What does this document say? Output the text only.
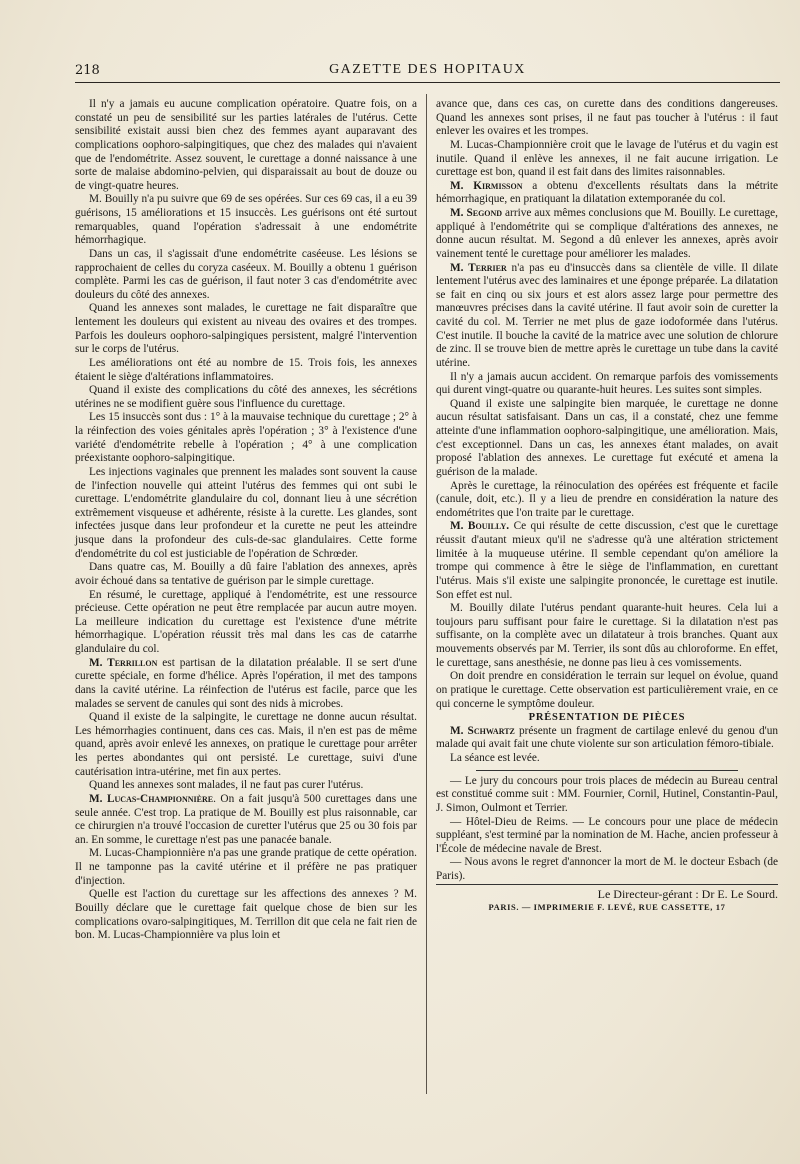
218	GAZETTE DES HOPITAUX

Il n'y a jamais eu aucune complication opératoire. Quatre fois, on a constaté un peu de sensibilité sur les parties latérales de l'utérus. Cette sensibilité existait aussi bien chez des femmes ayant auparavant des complications oophoro-salpingitiques, que chez des malades qui n'avaient que de l'endométrite. Assez souvent, le curettage a donné naissance à une sorte de malaise abdomino-pelvien, qui disparaissait au bout de douze ou de vingt-quatre heures.

M. Bouilly n'a pu suivre que 69 de ses opérées. Sur ces 69 cas, il a eu 39 guérisons, 15 améliorations et 15 insuccès. Les guérisons ont été surtout remarquables, quand l'opération s'adressait à une endométrite hémorrhagique.

Dans un cas, il s'agissait d'une endométrite caséeuse. Les lésions se rapprochaient de celles du coryza caséeux. M. Bouilly a obtenu 1 guérison complète. Parmi les cas de guérison, il faut noter 3 cas d'endométrite avec douleurs du côté des annexes.

Quand les annexes sont malades, le curettage ne fait disparaître que lentement les douleurs qui existent au niveau des ovaires et des trompes. Parfois les douleurs oophoro-salpingiques persistent, malgré l'intervention sur le corps de l'utérus.

Les améliorations ont été au nombre de 15. Trois fois, les annexes étaient le siège d'altérations inflammatoires.

Quand il existe des complications du côté des annexes, les sécrétions utérines ne se modifient guère sous l'influence du curettage.

Les 15 insuccès sont dus : 1° à la mauvaise technique du curettage ; 2° à la réinfection des voies génitales après l'opération ; 3° à l'existence d'une variété d'endométrite rebelle à l'opération ; 4° à une complication préexistante oophoro-salpingitique.

Les injections vaginales que prennent les malades sont souvent la cause de l'infection nouvelle qui atteint l'utérus des femmes qui ont subi le curettage. L'endométrite glandulaire du col, donnant lieu à une sécrétion extrêmement visqueuse et adhérente, résiste à la curette. Les glandes, sont infectées jusque dans leur profondeur et la curette ne peut les atteindre jusque dans la profondeur des culs-de-sac glandulaires. Cette forme d'endométrite du col est justiciable de l'opération de Schrœder.

Dans quatre cas, M. Bouilly a dû faire l'ablation des annexes, après avoir échoué dans sa tentative de guérison par le simple curettage.

En résumé, le curettage, appliqué à l'endométrite, est une ressource précieuse. Cette opération ne peut être remplacée par aucun autre moyen. La meilleure indication du curettage est l'existence d'une métrite hémorrhagique. L'opération réussit très mal dans les cas de catarrhe glandulaire du col.

M. Terrillon est partisan de la dilatation préalable. Il se sert d'une curette spéciale, en forme d'hélice. Après l'opération, il met des tampons dans la cavité utérine. La réinfection de l'utérus est facile, parce que les malades se servent de canules qui sont des nids à microbes.

Quand il existe de la salpingite, le curettage ne donne aucun résultat. Les hémorrhagies continuent, dans ces cas. Mais, il n'en est pas de même quand, après avoir enlevé les annexes, on pratique le curettage pour arrêter les pertes abondantes qui ont persisté. Le curettage, suivi d'une cautérisation intra-utérine, met fin aux pertes.

Quand les annexes sont malades, il ne faut pas curer l'utérus.

M. Lucas-Championnière. On a fait jusqu'à 500 curettages dans une seule année. C'est trop. La pratique de M. Bouilly est plus raisonnable, car ce chirurgien n'a trouvé l'occasion de curetter l'utérus que 25 ou 30 fois par an. En somme, le curettage n'est pas une panacée banale.

M. Lucas-Championnière n'a pas une grande pratique de cette opération. Il ne tamponne pas la cavité utérine et il préfère ne pas pratiquer d'injection.

Quelle est l'action du curettage sur les affections des annexes ? M. Bouilly déclare que le curettage fait quelque chose de bien sur les complications ovaro-salpingitiques, M. Terrillon dit que cela ne fait rien de bon. M. Lucas-Championnière va plus loin et

avance que, dans ces cas, on curette dans des conditions dangereuses. Quand les annexes sont prises, il ne faut pas toucher à l'utérus : il faut enlever les ovaires et les trompes.

M. Lucas-Championnière croit que le lavage de l'utérus et du vagin est inutile. Quand il enlève les annexes, il ne fait aucune irrigation. Le curettage est bon, quand il est fait dans des limites raisonnables.

M. Kirmisson a obtenu d'excellents résultats dans la métrite hémorrhagique, en pratiquant la dilatation extemporanée du col.

M. Segond arrive aux mêmes conclusions que M. Bouilly. Le curettage, appliqué à l'endométrite qui se complique d'altérations des annexes, ne donne aucun résultat. M. Segond a dû enlever les annexes, après avoir vainement tenté le curettage pour améliorer les malades.

M. Terrier n'a pas eu d'insuccès dans sa clientèle de ville. Il dilate lentement l'utérus avec des laminaires et une éponge préparée. La dilatation se fait en cinq ou six jours et est alors assez large pour permettre des manœuvres précises dans la cavité utérine. Il faut avoir soin de curetter la cavité du col. M. Terrier ne met plus de gaze iodoformée dans l'utérus. C'est inutile. Il bouche la cavité de la matrice avec une solution de chlorure de zinc. Il se trouve bien de mettre après le curettage un tube dans la cavité utérine.

Il n'y a jamais aucun accident. On remarque parfois des vomissements qui durent vingt-quatre ou quarante-huit heures. Les suites sont simples.

Quand il existe une salpingite bien marquée, le curettage ne donne aucun résultat satisfaisant. Dans un cas, il a constaté, chez une femme atteinte d'une inflammation oophoro-salpingitique, une amélioration. Mais, c'est exceptionnel. Dans un cas, les annexes étant malades, on avait proposé l'ablation des annexes. Le curettage fut exécuté et amena la guérison de la malade.

Après le curettage, la réinoculation des opérées est fréquente et facile (canule, doit, etc.). Il y a lieu de prendre en considération la nature des endométrites que l'on traite par le curettage.

M. Bouilly. Ce qui résulte de cette discussion, c'est que le curettage réussit d'autant mieux qu'il ne s'adresse qu'à une altération strictement limitée à la muqueuse utérine. Il semble cependant qu'on améliore la trompe qui commence à être le siège de l'inflammation, en curettant l'utérus. Mais s'il existe une salpingite prononcée, le curettage est inutile. Son effet est nul.

M. Bouilly dilate l'utérus pendant quarante-huit heures. Cela lui a toujours paru suffisant pour faire le curettage. Si la dilatation n'est pas suffisante, on la complète avec un dilatateur à trois branches. Quant aux mouvements observés par M. Terrier, ils sont dûs au chloroforme. En effet, le curettage, sans anesthésie, ne donne pas lieu à ces vomissements.

On doit prendre en considération le terrain sur lequel on évolue, quand on pratique le curettage. Cette observation est particulièrement vraie, en ce qui concerne le symptôme douleur.

PRÉSENTATION DE PIÈCES

M. Schwartz présente un fragment de cartilage enlevé du genou d'un malade qui avait fait une chute violente sur son articulation fémoro-tibiale.

La séance est levée.

— Le jury du concours pour trois places de médecin au Bureau central est constitué comme suit : MM. Fournier, Cornil, Hutinel, Constantin-Paul, J. Simon, Oulmont et Terrier.

— Hôtel-Dieu de Reims. — Le concours pour une place de médecin suppléant, s'est terminé par la nomination de M. Hache, ancien professeur à l'École de médecine navale de Brest.

— Nous avons le regret d'annoncer la mort de M. le docteur Esbach (de Paris).

Le Directeur-gérant : Dr E. Le Sourd.

PARIS. — IMPRIMERIE F. LEVÉ, RUE CASSETTE, 17
